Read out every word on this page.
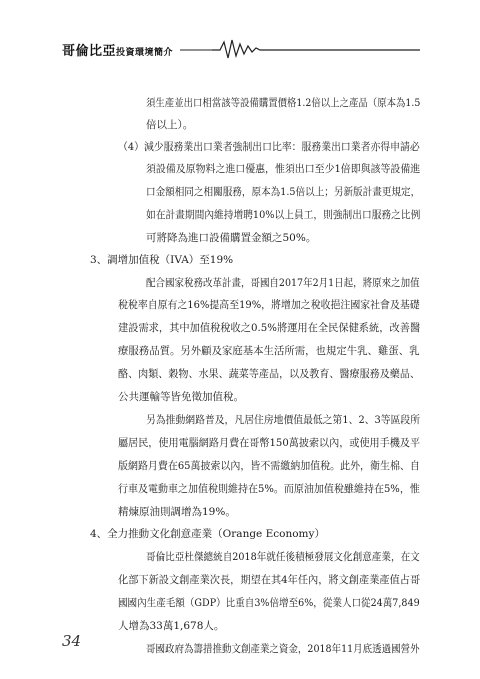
哥倫比亞投資環境簡介
須生產並出口相當該等設備購置價格1.2倍以上之產品（原本為1.5
倍以上）。
（4）減少服務業出口業者強制出口比率：服務業出口業者亦得申請必
須設備及原物料之進口優惠，惟須出口至少1倍即與該等設備進
口金額相同之相關服務，原本為1.5倍以上；另新版計畫更規定，
如在計畫期間內維持增聘10%以上員工，則強制出口服務之比例
可將降為進口設備購置金額之50%。
3、調增加值稅（IVA）至19%
配合國家稅務改革計畫，哥國自2017年2月1日起，將原來之加值
稅稅率自原有之16%提高至19%，將增加之稅收挹注國家社會及基礎
建設需求，其中加值稅稅收之0.5%將運用在全民保健系統，改善醫
療服務品質。另外顧及家庭基本生活所需，也規定牛乳、雞蛋、乳
酪、肉類、穀物、水果、蔬菜等產品，以及教育、醫療服務及藥品、
公共運輸等皆免徵加值稅。
另為推動網路普及，凡居住房地價值最低之第1、2、3等區段所
屬居民，使用電腦網路月費在哥幣150萬披索以內，或使用手機及平
版網路月費在65萬披索以內，皆不需繳納加值稅。此外，衛生棉、自
行車及電動車之加值稅則維持在5%。而原油加值稅雖維持在5%，惟
精煉原油則調增為19%。
4、全力推動文化創意產業（Orange Economy）
哥倫比亞杜傑總統自2018年就任後積極發展文化創意產業，在文
化部下新設文創產業次長，期望在其4年任內，將文創產業產值占哥
國國內生產毛額（GDP）比重自3%倍增至6%，從業人口從24萬7,849
人增為33萬1,678人。
哥國政府為籌措推動文創產業之資金，2018年11月底透過國營外
34
